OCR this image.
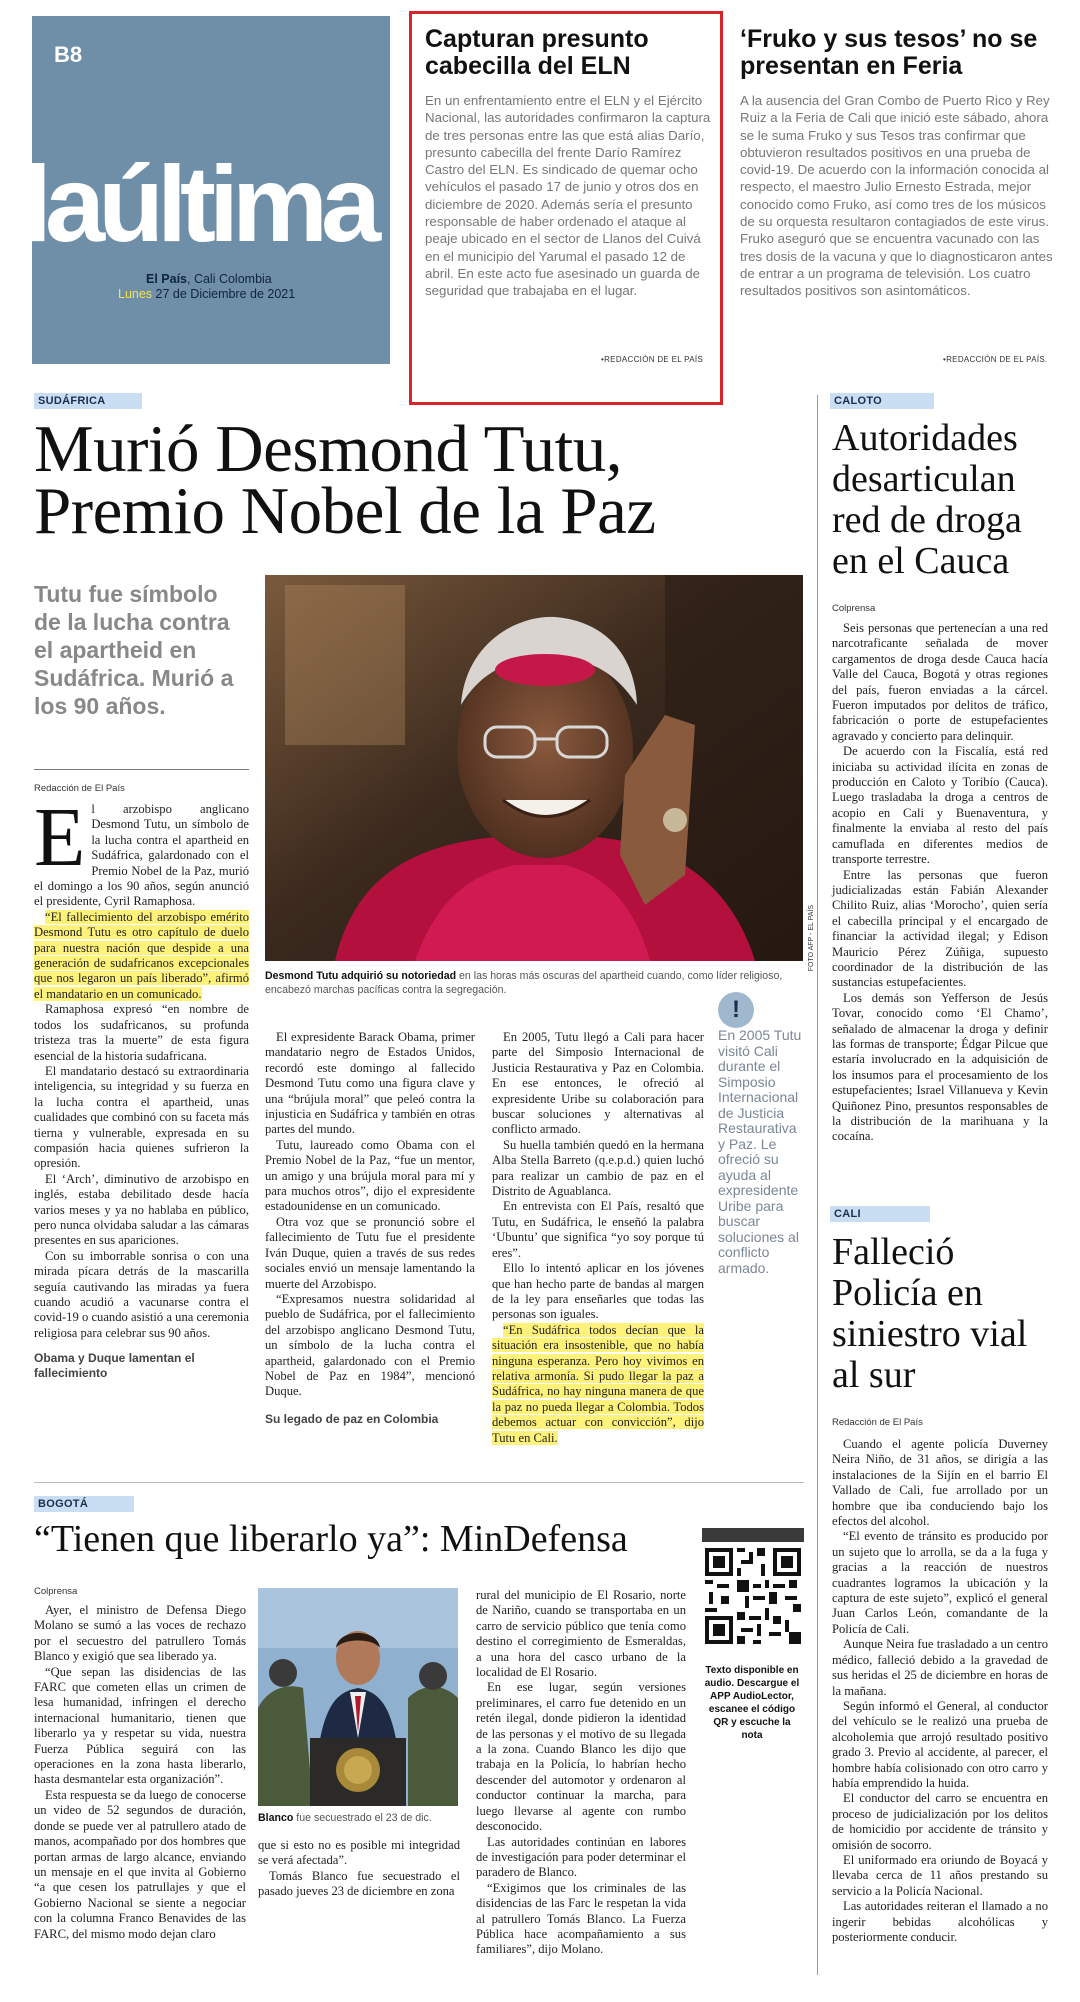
B8
laúltima
El País, Cali Colombia
Lunes 27 de Diciembre de 2021
Capturan presunto cabecilla del ELN
En un enfrentamiento entre el ELN y el Ejército Nacional, las autoridades confirmaron la captura de tres personas entre las que está alias Darío, presunto cabecilla del frente Darío Ramírez Castro del ELN. Es sindicado de quemar ocho vehículos el pasado 17 de junio y otros dos en diciembre de 2020. Además sería el presunto responsable de haber ordenado el ataque al peaje ubicado en el sector de Llanos del Cuivá en el municipio del Yarumal el pasado 12 de abril. En este acto fue asesinado un guarda de seguridad que trabajaba en el lugar.
•REDACCIÓN DE EL PAÍS
‘Fruko y sus tesos’ no se presentan en Feria
A la ausencia del Gran Combo de Puerto Rico y Rey Ruiz a la Feria de Cali que inició este sábado, ahora se le suma Fruko y sus Tesos tras confirmar que obtuvieron resultados positivos en una prueba de covid-19. De acuerdo con la información conocida al respecto, el maestro Julio Ernesto Estrada, mejor conocido como Fruko, así como tres de los músicos de su orquesta resultaron contagiados de este virus. Fruko aseguró que se encuentra vacunado con las tres dosis de la vacuna y que lo diagnosticaron antes de entrar a un programa de televisión. Los cuatro resultados positivos son asintomáticos.
•REDACCIÓN DE EL PAÍS.
SUDÁFRICA
Murió Desmond Tutu, Premio Nobel de la Paz
Tutu fue símbolo de la lucha contra el apartheid en Sudáfrica. Murió a los 90 años.
Redacción de El País

El arzobispo anglicano Desmond Tutu, un símbolo de la lucha contra el apartheid en Sudáfrica, galardonado con el Premio Nobel de la Paz, murió el domingo a los 90 años, según anunció el presidente, Cyril Ramaphosa.

“El fallecimiento del arzobispo emérito Desmond Tutu es otro capítulo de duelo para nuestra nación que despide a una generación de sudafricanos excepcionales que nos legaron un país liberado”, afirmó el mandatario en un comunicado.

Ramaphosa expresó “en nombre de todos los sudafricanos, su profunda tristeza tras la muerte” de esta figura esencial de la historia sudafricana.

El mandatario destacó su extraordinaria inteligencia, su integridad y su fuerza en la lucha contra el apartheid, unas cualidades que combinó con su faceta más tierna y vulnerable, expresada en su compasión hacia quienes sufrieron la opresión.

El ‘Arch’, diminutivo de arzobispo en inglés, estaba debilitado desde hacía varios meses y ya no hablaba en público, pero nunca olvidaba saludar a las cámaras presentes en sus apariciones.

Con su imborrable sonrisa o con una mirada pícara detrás de la mascarilla seguía cautivando las miradas ya fuera cuando acudió a vacunarse contra el covid-19 o cuando asistió a una ceremonia religiosa para celebrar sus 90 años.

Obama y Duque lamentan el fallecimiento
FOTO AFP - EL PAÍS
Desmond Tutu adquirió su notoriedad en las horas más oscuras del apartheid cuando, como líder religioso, encabezó marchas pacíficas contra la segregación.

El expresidente Barack Obama, primer mandatario negro de Estados Unidos, recordó este domingo al fallecido Desmond Tutu como una figura clave y una “brújula moral” que peleó contra la injusticia en Sudáfrica y también en otras partes del mundo.

Tutu, laureado como Obama con el Premio Nobel de la Paz, “fue un mentor, un amigo y una brújula moral para mí y para muchos otros”, dijo el expresidente estadounidense en un comunicado.

Otra voz que se pronunció sobre el fallecimiento de Tutu fue el presidente Iván Duque, quien a través de sus redes sociales envió un mensaje lamentando la muerte del Arzobispo.

“Expresamos nuestra solidaridad al pueblo de Sudáfrica, por el fallecimiento del arzobispo anglicano Desmond Tutu, un símbolo de la lucha contra el apartheid, galardonado con el Premio Nobel de Paz en 1984”, mencionó Duque.

Su legado de paz en Colombia

En 2005, Tutu llegó a Cali para hacer parte del Simposio Internacional de Justicia Restaurativa y Paz en Colombia. En ese entonces, le ofreció al expresidente Uribe su colaboración para buscar soluciones y alternativas al conflicto armado.

Su huella también quedó en la hermana Alba Stella Barreto (q.e.p.d.) quien luchó para realizar un cambio de paz en el Distrito de Aguablanca.

En entrevista con El País, resaltó que Tutu, en Sudáfrica, le enseñó la palabra ‘Ubuntu’ que significa “yo soy porque tú eres”.

Ello lo intentó aplicar en los jóvenes que han hecho parte de bandas al margen de la ley para enseñarles que todas las personas son iguales.

“En Sudáfrica todos decían que la situación era insostenible, que no había ninguna esperanza. Pero hoy vivimos en relativa armonía. Si pudo llegar la paz a Sudáfrica, no hay ninguna manera de que la paz no pueda llegar a Colombia. Todos debemos actuar con convicción”, dijo Tutu en Cali.

!
En 2005 Tutu visitó Cali durante el Simposio Internacional de Justicia Restaurativa y Paz. Le ofreció su ayuda al expresidente Uribe para buscar soluciones al conflicto armado.
CALOTO
Autoridades desarticulan red de droga en el Cauca
Colprensa

Seis personas que pertenecían a una red narcotraficante señalada de mover cargamentos de droga desde Cauca hacía Valle del Cauca, Bogotá y otras regiones del país, fueron enviadas a la cárcel. Fueron imputados por delitos de tráfico, fabricación o porte de estupefacientes agravado y concierto para delinquir.

De acuerdo con la Fiscalía, está red iniciaba su actividad ilícita en zonas de producción en Caloto y Toribío (Cauca). Luego trasladaba la droga a centros de acopio en Cali y Buenaventura, y finalmente la enviaba al resto del país camuflada en diferentes medios de transporte terrestre.

Entre las personas que fueron judicializadas están Fabián Alexander Chilito Ruiz, alias ‘Morocho’, quien sería el cabecilla principal y el encargado de financiar la actividad ilegal; y Edison Mauricio Pérez Zúñiga, supuesto coordinador de la distribución de las sustancias estupefacientes.

Los demás son Yefferson de Jesús Tovar, conocido como ‘El Chamo’, señalado de almacenar la droga y definir las formas de transporte; Édgar Pilcue que estaría involucrado en la adquisición de los insumos para el procesamiento de los estupefacientes; Israel Villanueva y Kevin Quiñonez Pino, presuntos responsables de la distribución de la marihuana y la cocaína.

CALI
Falleció Policía en siniestro vial al sur
Redacción de El País

Cuando el agente policía Duverney Neira Niño, de 31 años, se dirigía a las instalaciones de la Sijín en el barrio El Vallado de Cali, fue arrollado por un hombre que iba conduciendo bajo los efectos del alcohol.

“El evento de tránsito es producido por un sujeto que lo arrolla, se da a la fuga y gracias a la reacción de nuestros cuadrantes logramos la ubicación y la captura de este sujeto”, explicó el general Juan Carlos León, comandante de la Policía de Cali.

Aunque Neira fue trasladado a un centro médico, falleció debido a la gravedad de sus heridas el 25 de diciembre en horas de la mañana.

Según informó el General, al conductor del vehículo se le realizó una prueba de alcoholemia que arrojó resultado positivo grado 3. Previo al accidente, al parecer, el hombre había colisionado con otro carro y había emprendido la huida.

El conductor del carro se encuentra en proceso de judicialización por los delitos de homicidio por accidente de tránsito y omisión de socorro.

El uniformado era oriundo de Boyacá y llevaba cerca de 11 años prestando su servicio a la Policía Nacional.

Las autoridades reiteran el llamado a no ingerir bebidas alcohólicas y posteriormente conducir.

BOGOTÁ
“Tienen que liberarlo ya”: MinDefensa
Colprensa

Ayer, el ministro de Defensa Diego Molano se sumó a las voces de rechazo por el secuestro del patrullero Tomás Blanco y exigió que sea liberado ya.

“Que sepan las disidencias de las FARC que cometen ellas un crimen de lesa humanidad, infringen el derecho internacional humanitario, tienen que liberarlo ya y respetar su vida, nuestra Fuerza Pública seguirá con las operaciones en la zona hasta liberarlo, hasta desmantelar esta organización”.

Esta respuesta se da luego de conocerse un video de 52 segundos de duración, donde se puede ver al patrullero atado de manos, acompañado por dos hombres que portan armas de largo alcance, enviando un mensaje en el que invita al Gobierno “a que cesen los patrullajes y que el Gobierno Nacional se siente a negociar con la columna Franco Benavides de las FARC, del mismo modo dejan claro

Blanco fue secuestrado el 23 de dic.

que si esto no es posible mi integridad se verá afectada”.

Tomás Blanco fue secuestrado el pasado jueves 23 de diciembre en zona

rural del municipio de El Rosario, norte de Nariño, cuando se transportaba en un carro de servicio público que tenía como destino el corregimiento de Esmeraldas, a una hora del casco urbano de la localidad de El Rosario.

En ese lugar, según versiones preliminares, el carro fue detenido en un retén ilegal, donde pidieron la identidad de las personas y el motivo de su llegada a la zona. Cuando Blanco les dijo que trabaja en la Policía, lo habrían hecho descender del automotor y ordenaron al conductor continuar la marcha, para luego llevarse al agente con rumbo desconocido.

Las autoridades continúan en labores de investigación para poder determinar el paradero de Blanco.

“Exigimos que los criminales de las disidencias de las Farc le respetan la vida al patrullero Tomás Blanco. La Fuerza Pública hace acompañamiento a sus familiares”, dijo Molano.

Texto disponible en audio. Descargue el APP AudioLector, escanee el código QR y escuche la nota
